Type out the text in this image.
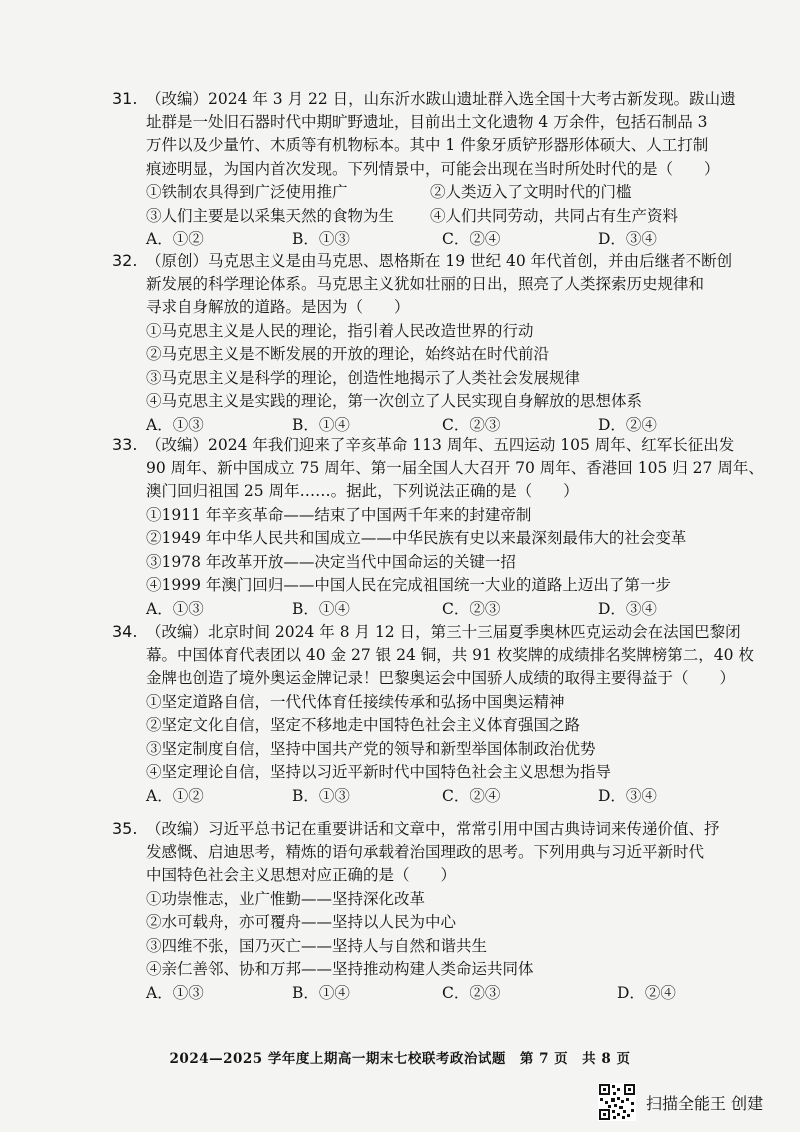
31. （改编）2024 年 3 月 22 日，山东沂水跋山遗址群入选全国十大考古新发现。跋山遗
址群是一处旧石器时代中期旷野遗址，目前出土文化遗物 4 万余件，包括石制品 3
万件以及少量竹、木质等有机物标本。其中 1 件象牙质铲形器形体硕大、人工打制
痕迹明显，为国内首次发现。下列情景中，可能会出现在当时所处时代的是（　　）
①铁制农具得到广泛使用推广	②人类迈入了文明时代的门槛
③人们主要是以采集天然的食物为生	④人们共同劳动，共同占有生产资料
A．①②	B．①③	C．②④	D．③④
32. （原创）马克思主义是由马克思、恩格斯在 19 世纪 40 年代首创，并由后继者不断创
新发展的科学理论体系。马克思主义犹如壮丽的日出，照亮了人类探索历史规律和
寻求自身解放的道路。是因为（　　）
①马克思主义是人民的理论，指引着人民改造世界的行动
②马克思主义是不断发展的开放的理论，始终站在时代前沿
③马克思主义是科学的理论，创造性地揭示了人类社会发展规律
④马克思主义是实践的理论，第一次创立了人民实现自身解放的思想体系
A．①③	B．①④	C．②③	D．②④
33. （改编）2024 年我们迎来了辛亥革命 113 周年、五四运动 105 周年、红军长征出发
90 周年、新中国成立 75 周年、第一届全国人大召开 70 周年、香港回 105 归 27 周年、
澳门回归祖国 25 周年……。据此，下列说法正确的是（　　）
①1911 年辛亥革命——结束了中国两千年来的封建帝制
②1949 年中华人民共和国成立——中华民族有史以来最深刻最伟大的社会变革
③1978 年改革开放——决定当代中国命运的关键一招
④1999 年澳门回归——中国人民在完成祖国统一大业的道路上迈出了第一步
A．①③	B．①④	C．②③	D．③④
34. （改编）北京时间 2024 年 8 月 12 日，第三十三届夏季奥林匹克运动会在法国巴黎闭
幕。中国体育代表团以 40 金 27 银 24 铜，共 91 枚奖牌的成绩排名奖牌榜第二，40 枚
金牌也创造了境外奥运金牌记录！巴黎奥运会中国骄人成绩的取得主要得益于（　　）
①坚定道路自信，一代代体育任接续传承和弘扬中国奥运精神
②坚定文化自信，坚定不移地走中国特色社会主义体育强国之路
③坚定制度自信，坚持中国共产党的领导和新型举国体制政治优势
④坚定理论自信，坚持以习近平新时代中国特色社会主义思想为指导
A．①②	B．①③	C．②④	D．③④
35. （改编）习近平总书记在重要讲话和文章中，常常引用中国古典诗词来传递价值、抒
发感慨、启迪思考，精炼的语句承载着治国理政的思考。下列用典与习近平新时代
中国特色社会主义思想对应正确的是（　　）
①功崇惟志，业广惟勤——坚持深化改革
②水可载舟，亦可覆舟——坚持以人民为中心
③四维不张，国乃灭亡——坚持人与自然和谐共生
④亲仁善邻、协和万邦——坚持推动构建人类命运共同体
A．①③	B．①④	C．②③	D．②④
2024—2025 学年度上期高一期末七校联考政治试题　第 7 页　共 8 页
扫描全能王 创建
